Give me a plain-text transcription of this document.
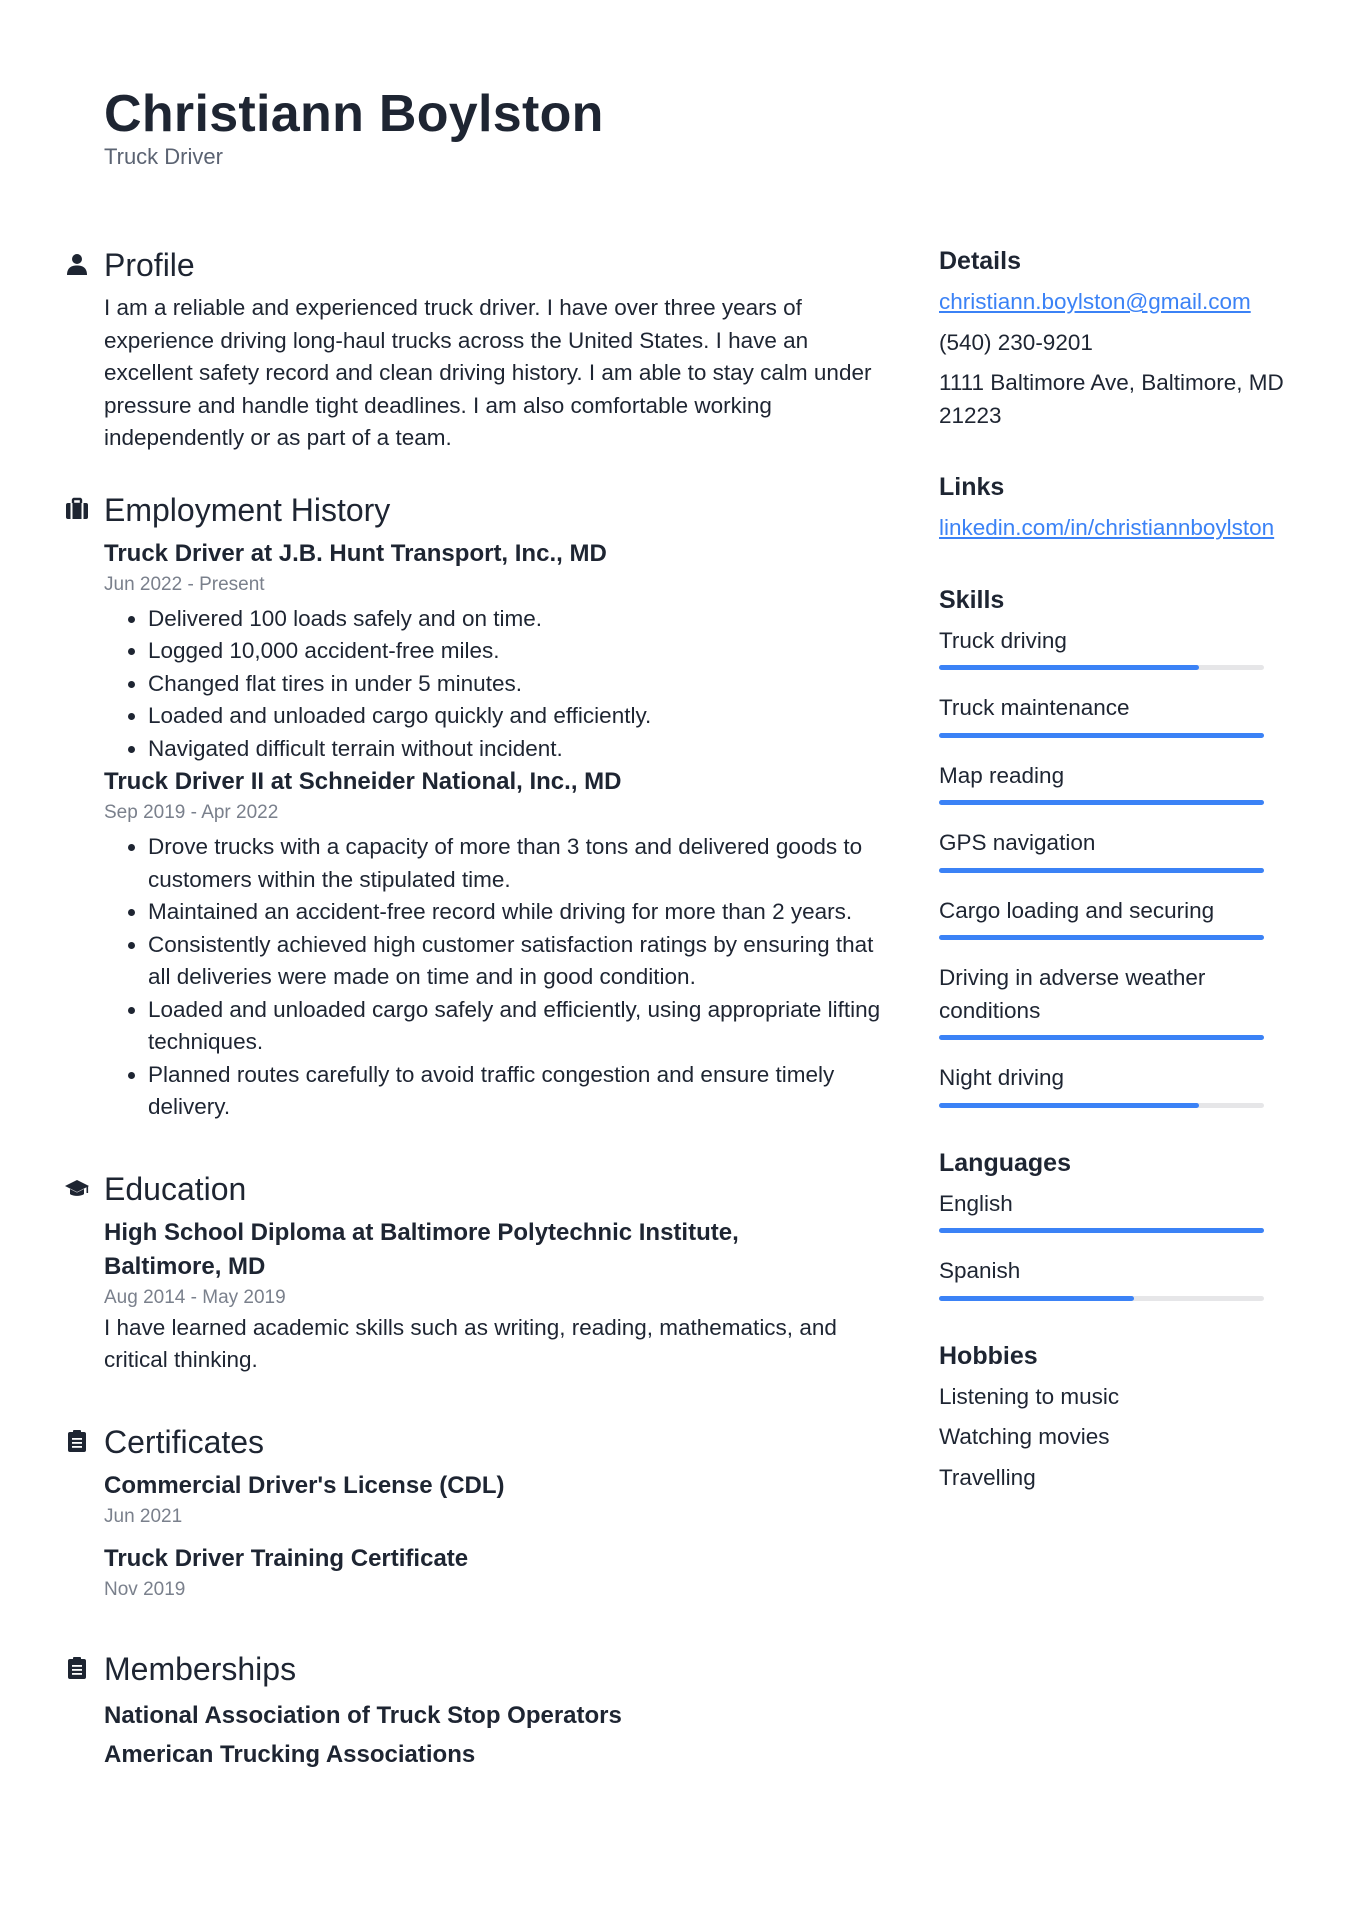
Christiann Boylston
Truck Driver
Profile
I am a reliable and experienced truck driver. I have over three years of experience driving long-haul trucks across the United States. I have an excellent safety record and clean driving history. I am able to stay calm under pressure and handle tight deadlines. I am also comfortable working independently or as part of a team.
Employment History
Truck Driver at J.B. Hunt Transport, Inc., MD
Jun 2022 - Present
• Delivered 100 loads safely and on time.
• Logged 10,000 accident-free miles.
• Changed flat tires in under 5 minutes.
• Loaded and unloaded cargo quickly and efficiently.
• Navigated difficult terrain without incident.
Truck Driver II at Schneider National, Inc., MD
Sep 2019 - Apr 2022
• Drove trucks with a capacity of more than 3 tons and delivered goods to customers within the stipulated time.
• Maintained an accident-free record while driving for more than 2 years.
• Consistently achieved high customer satisfaction ratings by ensuring that all deliveries were made on time and in good condition.
• Loaded and unloaded cargo safely and efficiently, using appropriate lifting techniques.
• Planned routes carefully to avoid traffic congestion and ensure timely delivery.
Education
High School Diploma at Baltimore Polytechnic Institute, Baltimore, MD
Aug 2014 - May 2019
I have learned academic skills such as writing, reading, mathematics, and critical thinking.
Certificates
Commercial Driver's License (CDL)
Jun 2021
Truck Driver Training Certificate
Nov 2019
Memberships
National Association of Truck Stop Operators
American Trucking Associations
Details
christiann.boylston@gmail.com
(540) 230-9201
1111 Baltimore Ave, Baltimore, MD 21223
Links
linkedin.com/in/christiannboylston
Skills
Truck driving
Truck maintenance
Map reading
GPS navigation
Cargo loading and securing
Driving in adverse weather conditions
Night driving
Languages
English
Spanish
Hobbies
Listening to music
Watching movies
Travelling
